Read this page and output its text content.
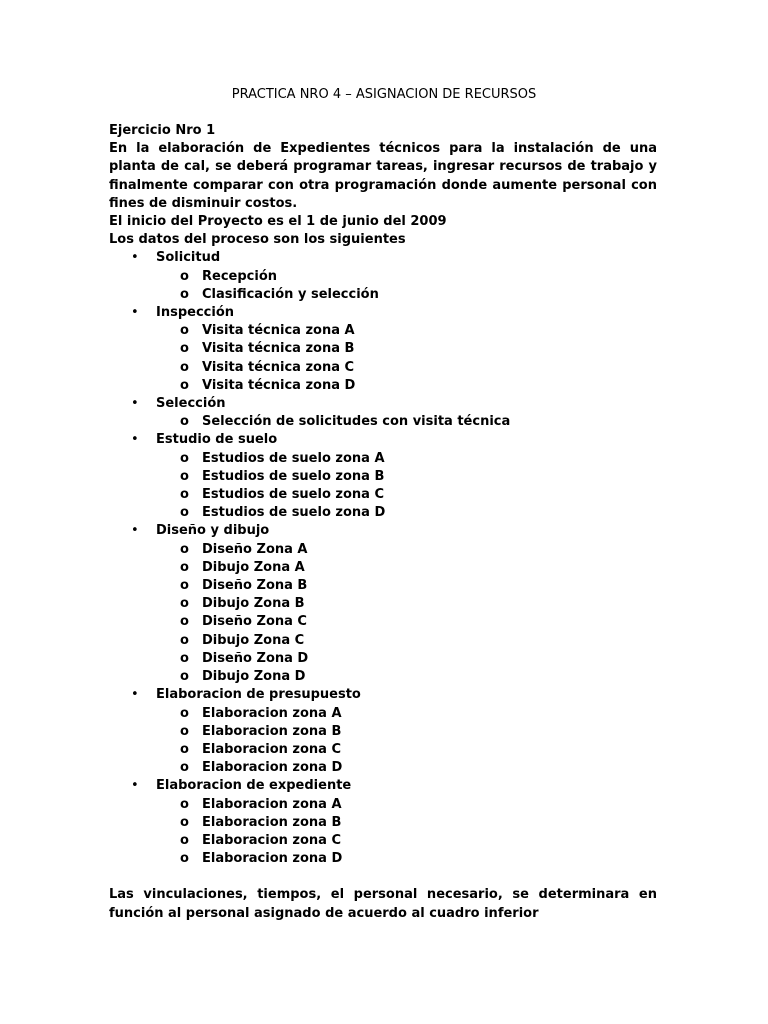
PRACTICA NRO 4 – ASIGNACION DE RECURSOS

Ejercicio Nro 1

En la elaboración de Expedientes técnicos para la instalación de una planta de cal, se deberá programar tareas, ingresar recursos de trabajo y finalmente comparar con otra programación donde aumente personal con fines de disminuir costos.

El inicio del Proyecto es el 1 de junio del 2009

Los datos del proceso son los siguientes

• Solicitud
o Recepción
o Clasificación y selección
• Inspección
o Visita técnica zona A
o Visita técnica zona B
o Visita técnica zona C
o Visita técnica zona D
• Selección
o Selección de solicitudes con visita técnica
• Estudio de suelo
o Estudios de suelo zona A
o Estudios de suelo zona B
o Estudios de suelo zona C
o Estudios de suelo zona D
• Diseño y dibujo
o Diseño Zona A
o Dibujo Zona A
o Diseño Zona B
o Dibujo Zona B
o Diseño Zona C
o Dibujo Zona C
o Diseño Zona D
o Dibujo Zona D
• Elaboracion de presupuesto
o Elaboracion zona A
o Elaboracion zona B
o Elaboracion zona C
o Elaboracion zona D
• Elaboracion de expediente
o Elaboracion zona A
o Elaboracion zona B
o Elaboracion zona C
o Elaboracion zona D

Las vinculaciones, tiempos, el personal necesario, se determinara en función al personal asignado de acuerdo al cuadro inferior
